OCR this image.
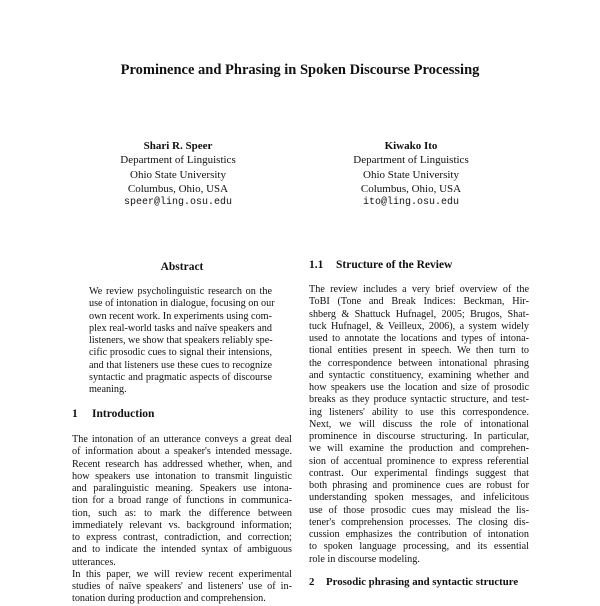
Prominence and Phrasing in Spoken Discourse Processing
Shari R. Speer
Department of Linguistics
Ohio State University
Columbus, Ohio, USA
speer@ling.osu.edu
Kiwako Ito
Department of Linguistics
Ohio State University
Columbus, Ohio, USA
ito@ling.osu.edu
Abstract
We review psycholinguistic research on the
use of intonation in dialogue, focusing on our
own recent work. In experiments using com-
plex real-world tasks and naïve speakers and
listeners, we show that speakers reliably spe-
cific prosodic cues to signal their intensions,
and that listeners use these cues to recognize
syntactic and pragmatic aspects of discourse
meaning.
1 Introduction
The intonation of an utterance conveys a great deal
of information about a speaker's intended message.
Recent research has addressed whether, when, and
how speakers use intonation to transmit linguistic
and paralinguistic meaning. Speakers use intona-
tion for a broad range of functions in communica-
tion, such as: to mark the difference between
immediately relevant vs. background information;
to express contrast, contradiction, and correction;
and to indicate the intended syntax of ambiguous
utterances.
In this paper, we will review recent experimental
studies of naïve speakers' and listeners' use of in-
tonation during production and comprehension.
1.1 Structure of the Review
The review includes a very brief overview of the
ToBI (Tone and Break Indices: Beckman, Hir-
shberg & Shattuck Hufnagel, 2005; Brugos, Shat-
tuck Hufnagel, & Veilleux, 2006), a system widely
used to annotate the locations and types of intona-
tional entities present in speech. We then turn to
the correspondence between intonational phrasing
and syntactic constituency, examining whether and
how speakers use the location and size of prosodic
breaks as they produce syntactic structure, and test-
ing listeners' ability to use this correspondence.
Next, we will discuss the role of intonational
prominence in discourse structuring. In particular,
we will examine the production and comprehen-
sion of accentual prominence to express referential
contrast. Our experimental findings suggest that
both phrasing and prominence cues are robust for
understanding spoken messages, and infelicitous
use of those prosodic cues may mislead the lis-
tener's comprehension processes. The closing dis-
cussion emphasizes the contribution of intonation
to spoken language processing, and its essential
role in discourse modeling.
2 Prosodic phrasing and syntactic structure
